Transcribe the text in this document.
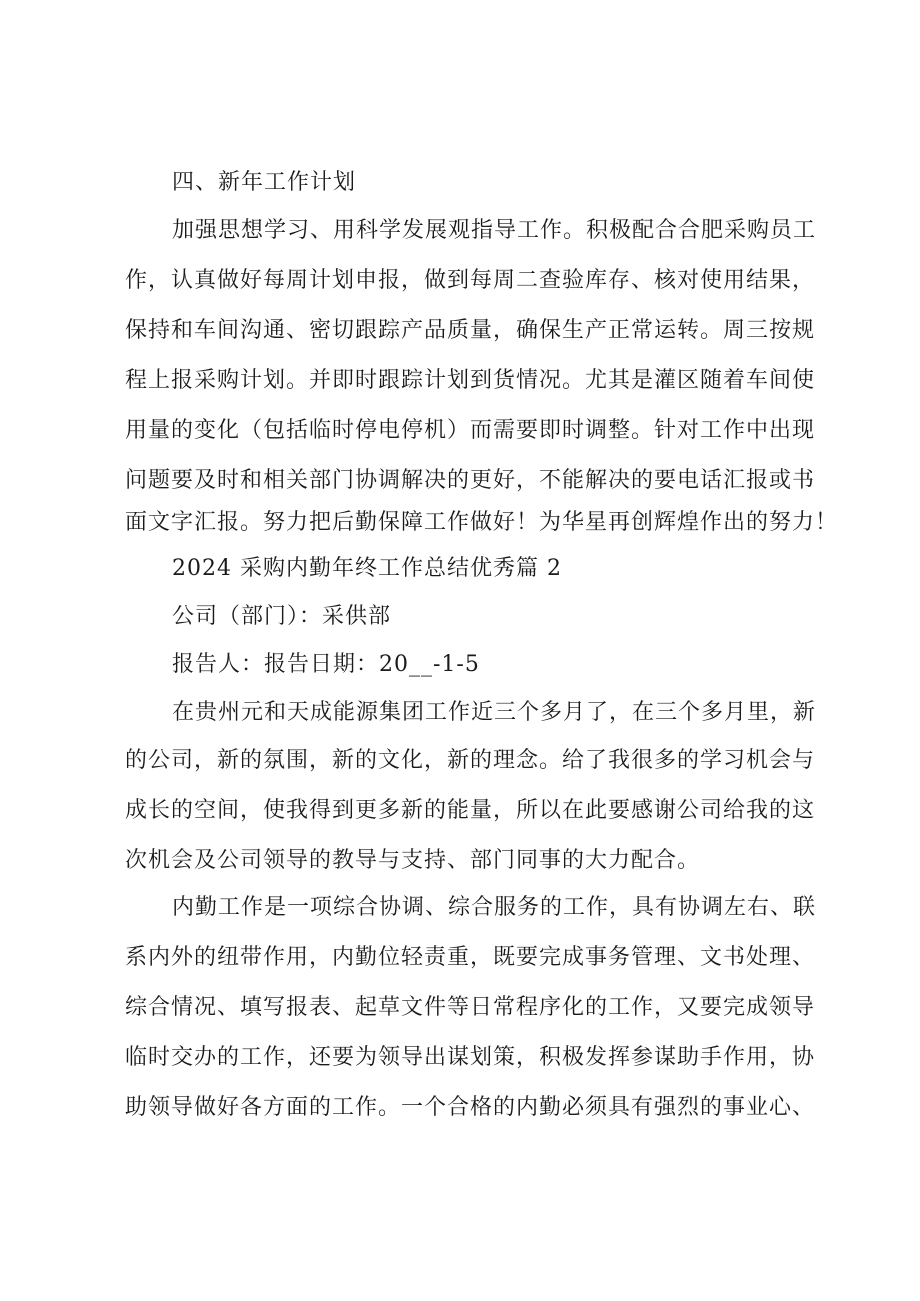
四、新年工作计划
加强思想学习、用科学发展观指导工作。积极配合合肥采购员工
作，认真做好每周计划申报，做到每周二查验库存、核对使用结果，
保持和车间沟通、密切跟踪产品质量，确保生产正常运转。周三按规
程上报采购计划。并即时跟踪计划到货情况。尤其是灌区随着车间使
用量的变化（包括临时停电停机）而需要即时调整。针对工作中出现
问题要及时和相关部门协调解决的更好，不能解决的要电话汇报或书
面文字汇报。努力把后勤保障工作做好！为华星再创辉煌作出的努力！
2024 采购内勤年终工作总结优秀篇 2
公司（部门）：采供部
报告人：报告日期：20__-1-5
在贵州元和天成能源集团工作近三个多月了，在三个多月里，新
的公司，新的氛围，新的文化，新的理念。给了我很多的学习机会与
成长的空间，使我得到更多新的能量，所以在此要感谢公司给我的这
次机会及公司领导的教导与支持、部门同事的大力配合。
内勤工作是一项综合协调、综合服务的工作，具有协调左右、联
系内外的纽带作用，内勤位轻责重，既要完成事务管理、文书处理、
综合情况、填写报表、起草文件等日常程序化的工作，又要完成领导
临时交办的工作，还要为领导出谋划策，积极发挥参谋助手作用，协
助领导做好各方面的工作。一个合格的内勤必须具有强烈的事业心、
